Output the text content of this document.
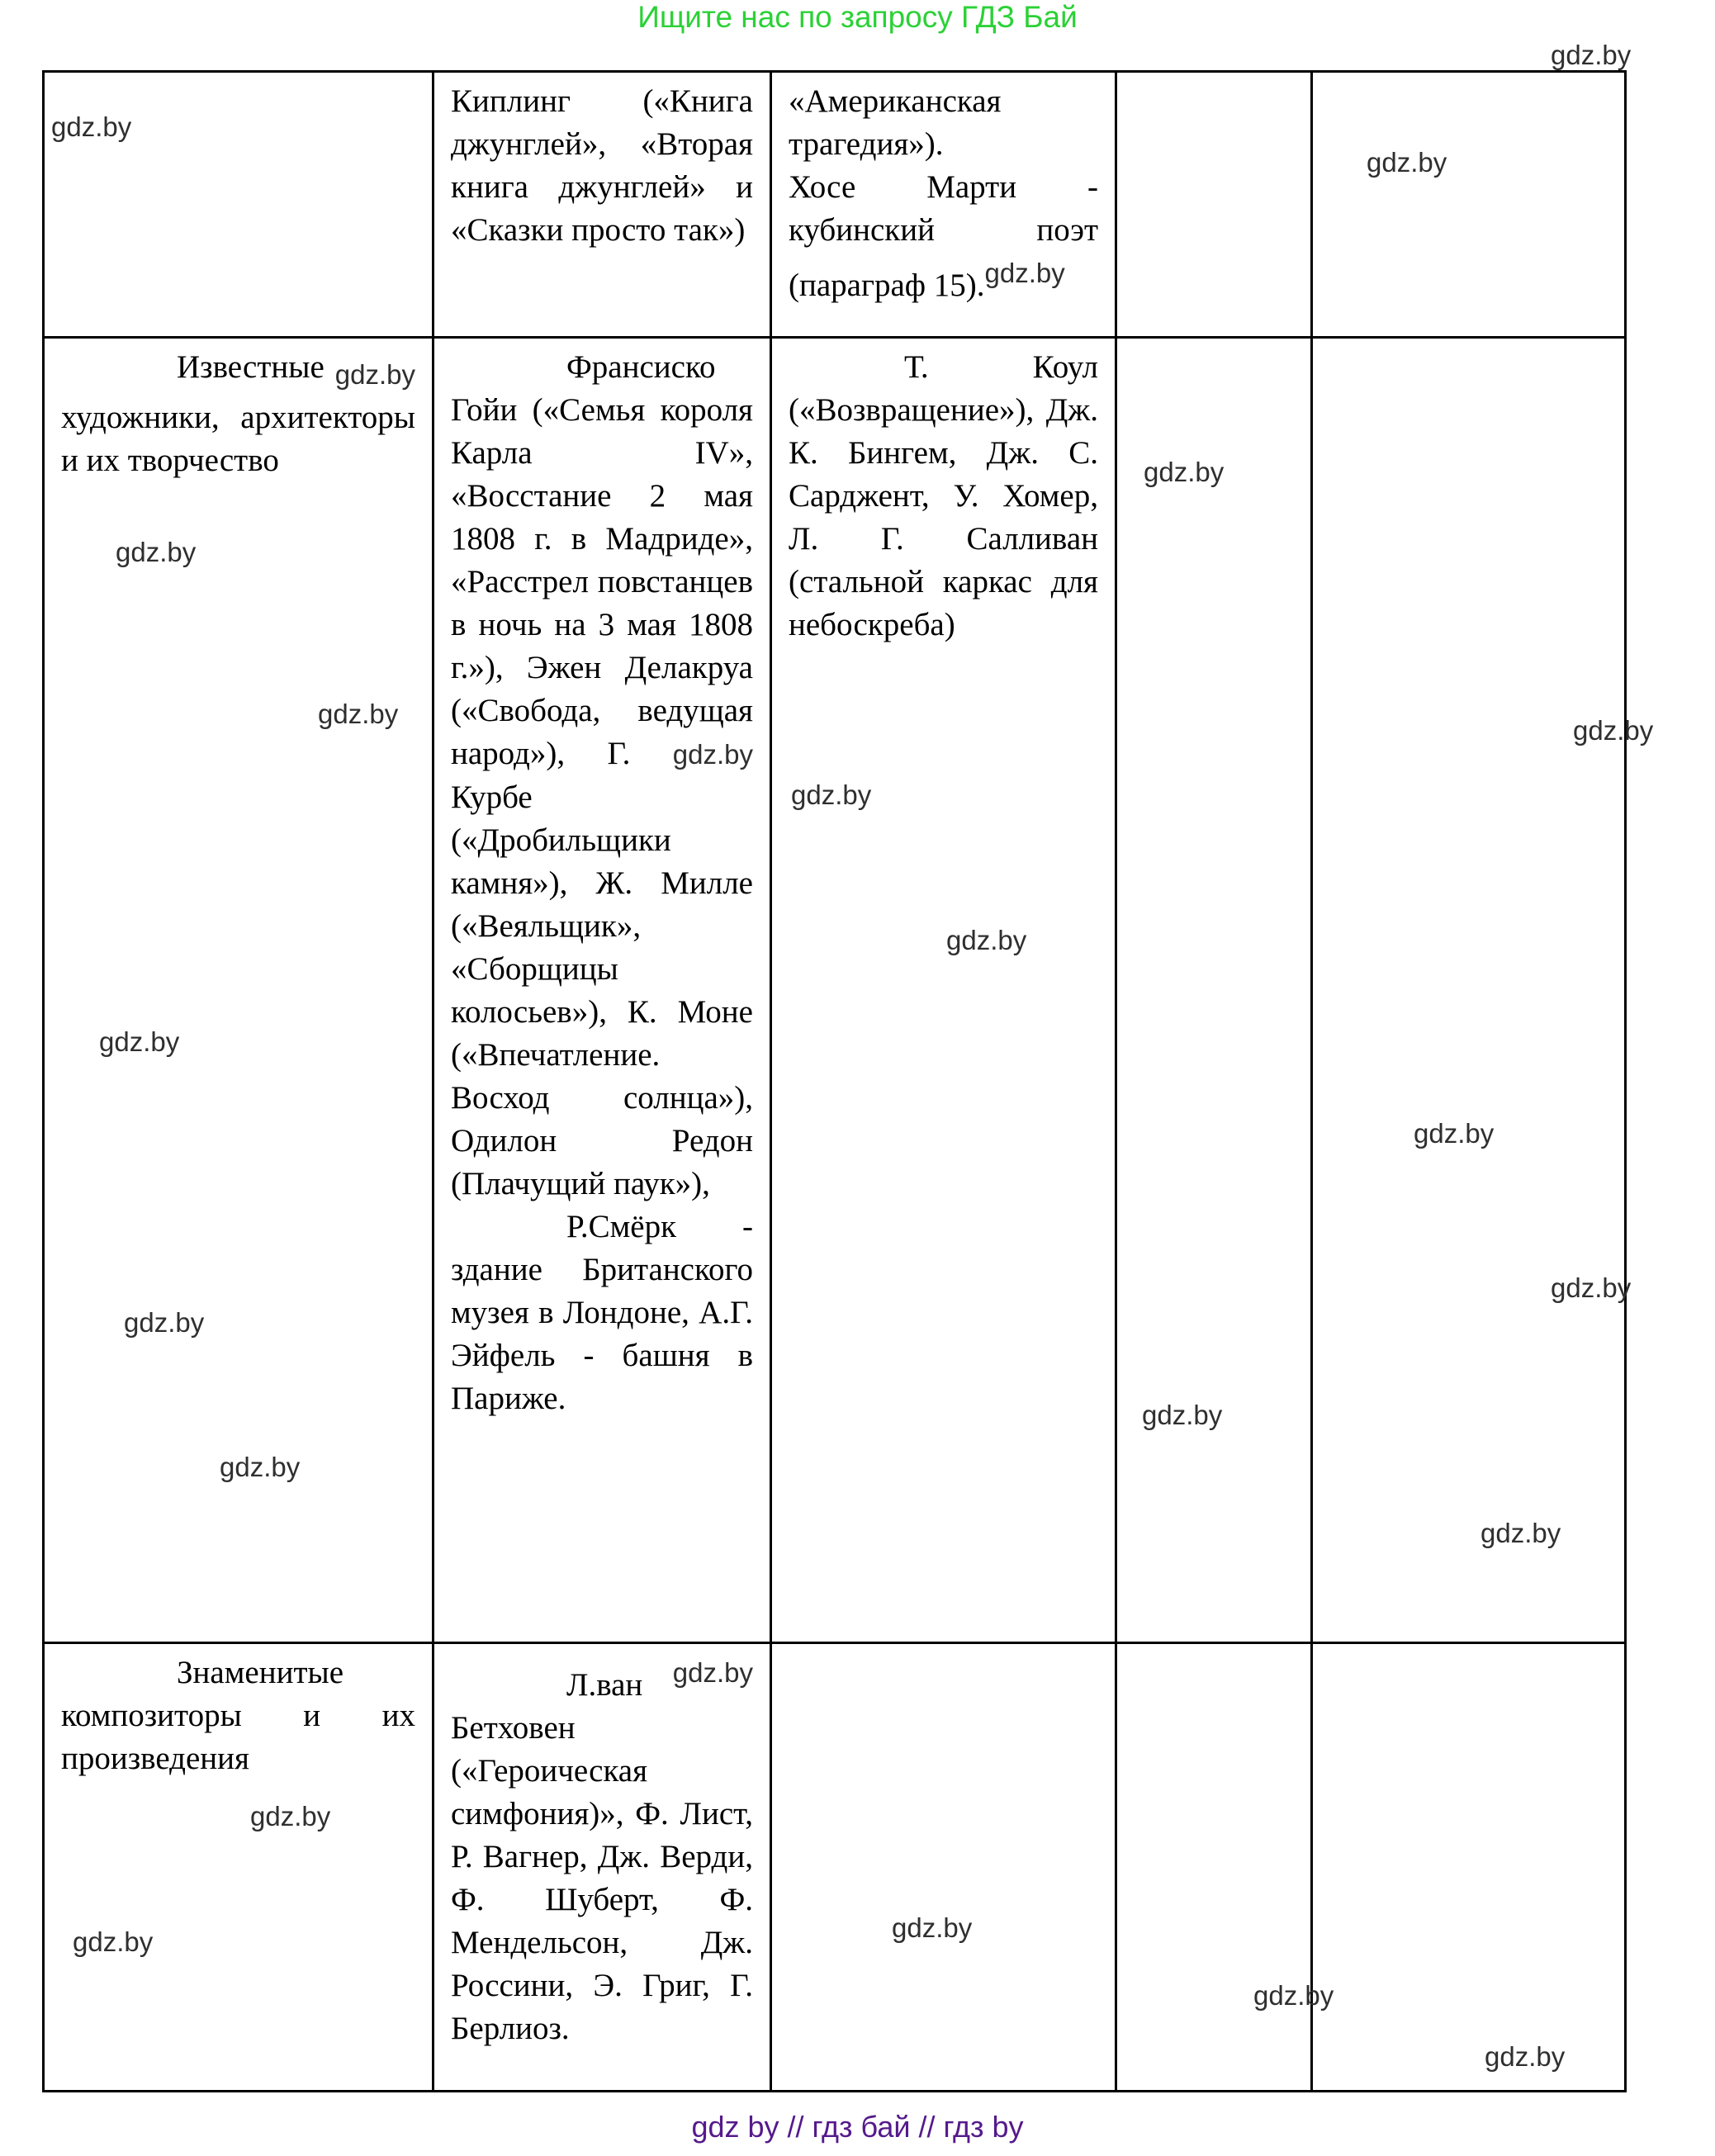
Ищите нас по запросу ГДЗ Бай

Киплинг («Книга джунглей», «Вторая книга джунглей» и «Сказки просто так»)

«Американская трагедия»).

Хосе Марти - кубинский поэт (параграф 15).$^{gdz.by}$

Известные $_{gdz.by}$ художники, архитекторы и их творчество

Франсиско Гойи («Семья короля Карла IV», «Восстание 2 мая 1808 г. в Мадриде», «Расстрел повстанцев в ночь на 3 мая 1808 г.»), Эжен Делакруа («Свобода, ведущая народ»), Г. gdz.by Курбе («Дробильщики камня»), Ж. Милле («Веяльщик», «Сборщицы колосьев»), К. Моне («Впечатление. Восход солнца»), Одилон Редон (Плачущий паук»),

Р.Смёрк - здание Британского музея в Лондоне, А.Г. Эйфель - башня в Париже.

Т. Коул («Возвращение»), Дж. К. Бингем, Дж. С. Сарджент, У. Хомер, Л. Г. Салливан (стальной каркас для небоскреба)

Знаменитые композиторы и их произведения

Л.ван $^{gdz.by}$ Бетховен («Героическая симфония)», Ф. Лист, Р. Вагнер, Дж. Верди, Ф. Шуберт, Ф. Мендельсон, Дж. Россини, Э. Григ, Г. Берлиоз.

gdz.by
gdz.by
gdz.by
gdz.by
gdz.by
gdz.by
gdz.by
gdz.by
gdz.by
gdz.by
gdz.by
gdz.by
gdz.by
gdz.by
gdz.by
gdz.by
gdz.by
gdz.by	gdz.by
gdz.by
gdz.by
gdz by // гдз бай // гдз by
